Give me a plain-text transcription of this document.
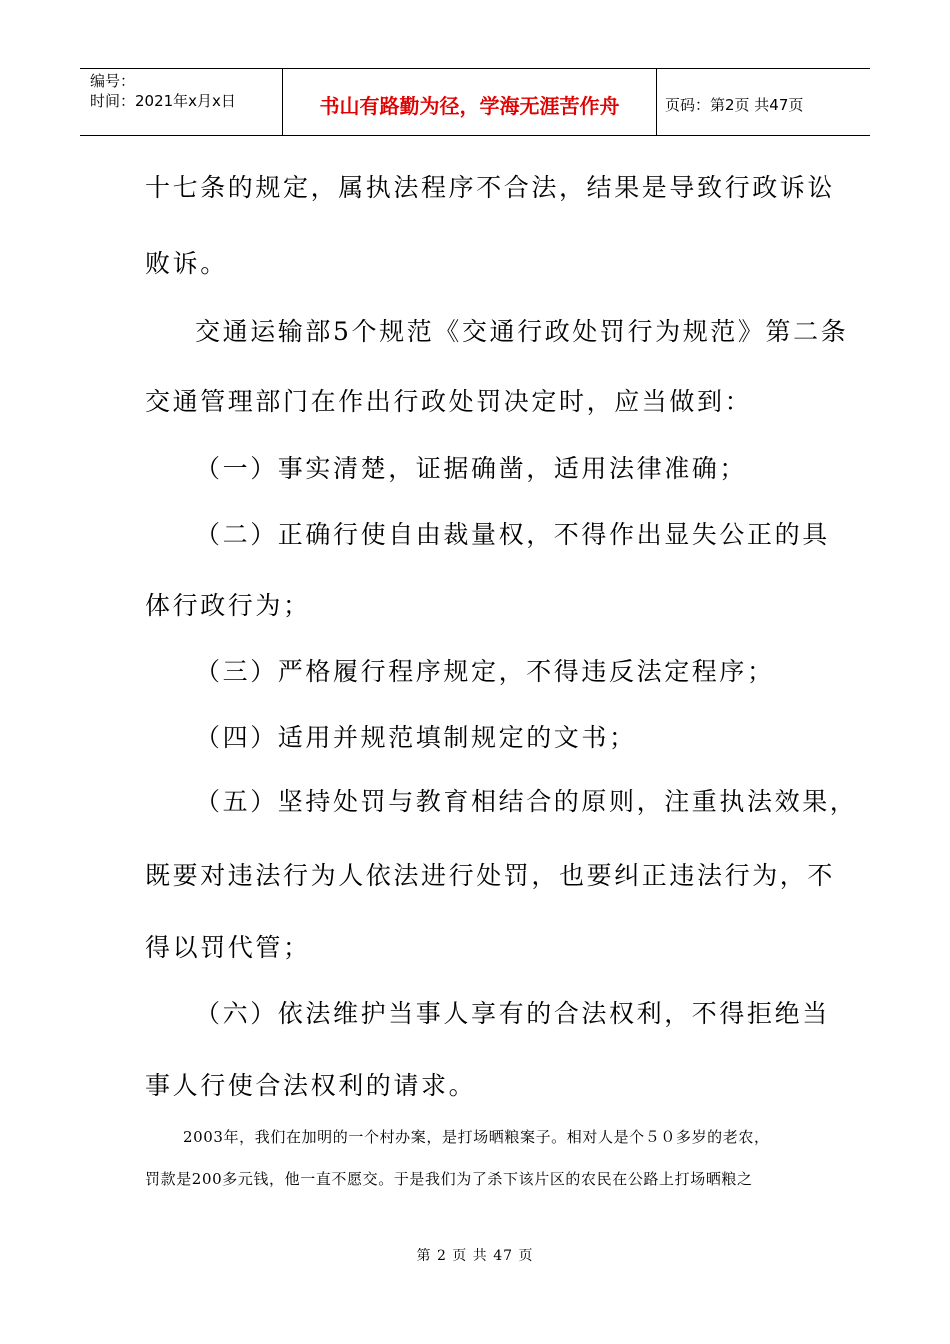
编号：
时间：2021年x月x日	书山有路勤为径，学海无涯苦作舟	页码：第2页 共47页
十七条的规定，属执法程序不合法，结果是导致行政诉讼
败诉。
交通运输部5个规范《交通行政处罚行为规范》第二条
交通管理部门在作出行政处罚决定时，应当做到：
（一）事实清楚，证据确凿，适用法律准确；
（二）正确行使自由裁量权，不得作出显失公正的具
体行政行为；
（三）严格履行程序规定，不得违反法定程序；
（四）适用并规范填制规定的文书；
（五）坚持处罚与教育相结合的原则，注重执法效果，
既要对违法行为人依法进行处罚，也要纠正违法行为，不
得以罚代管；
（六）依法维护当事人享有的合法权利，不得拒绝当
事人行使合法权利的请求。
2003年，我们在加明的一个村办案，是打场晒粮案子。相对人是个５０多岁的老农，
罚款是200多元钱，他一直不愿交。于是我们为了杀下该片区的农民在公路上打场晒粮之
第 2 页 共 47 页
